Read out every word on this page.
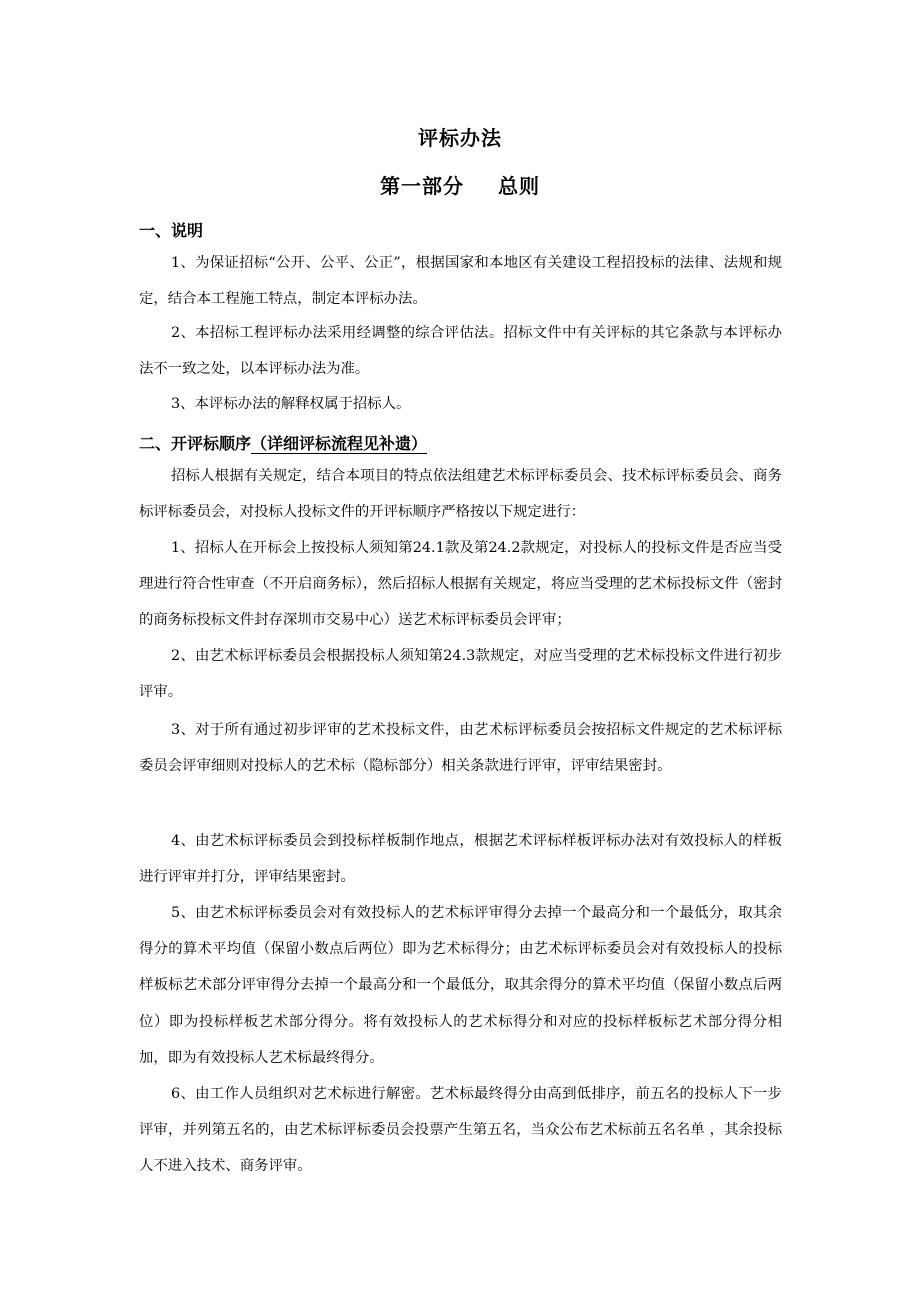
评标办法
第一部分 总则
一、说明

1、为保证招标“公开、公平、公正”，根据国家和本地区有关建设工程招投标的法律、法规和规定，结合本工程施工特点，制定本评标办法。

2、本招标工程评标办法采用经调整的综合评估法。招标文件中有关评标的其它条款与本评标办法不一致之处，以本评标办法为准。

3、本评标办法的解释权属于招标人。

二、开评标顺序（详细评标流程见补遗）

招标人根据有关规定，结合本项目的特点依法组建艺术标评标委员会、技术标评标委员会、商务标评标委员会，对投标人投标文件的开评标顺序严格按以下规定进行：

1、招标人在开标会上按投标人须知第24.1款及第24.2款规定，对投标人的投标文件是否应当受理进行符合性审查（不开启商务标），然后招标人根据有关规定，将应当受理的艺术标投标文件（密封的商务标投标文件封存深圳市交易中心）送艺术标评标委员会评审；

2、由艺术标评标委员会根据投标人须知第24.3款规定，对应当受理的艺术标投标文件进行初步评审。

3、对于所有通过初步评审的艺术投标文件，由艺术标评标委员会按招标文件规定的艺术标评标委员会评审细则对投标人的艺术标（隐标部分）相关条款进行评审，评审结果密封。

4、由艺术标评标委员会到投标样板制作地点，根据艺术评标样板评标办法对有效投标人的样板进行评审并打分，评审结果密封。

5、由艺术标评标委员会对有效投标人的艺术标评审得分去掉一个最高分和一个最低分，取其余得分的算术平均值（保留小数点后两位）即为艺术标得分；由艺术标评标委员会对有效投标人的投标样板标艺术部分评审得分去掉一个最高分和一个最低分，取其余得分的算术平均值（保留小数点后两位）即为投标样板艺术部分得分。将有效投标人的艺术标得分和对应的投标样板标艺术部分得分相加，即为有效投标人艺术标最终得分。

6、由工作人员组织对艺术标进行解密。艺术标最终得分由高到低排序，前五名的投标人下一步评审，并列第五名的，由艺术标评标委员会投票产生第五名，当众公布艺术标前五名名单 ，其余投标人不进入技术、商务评审。
